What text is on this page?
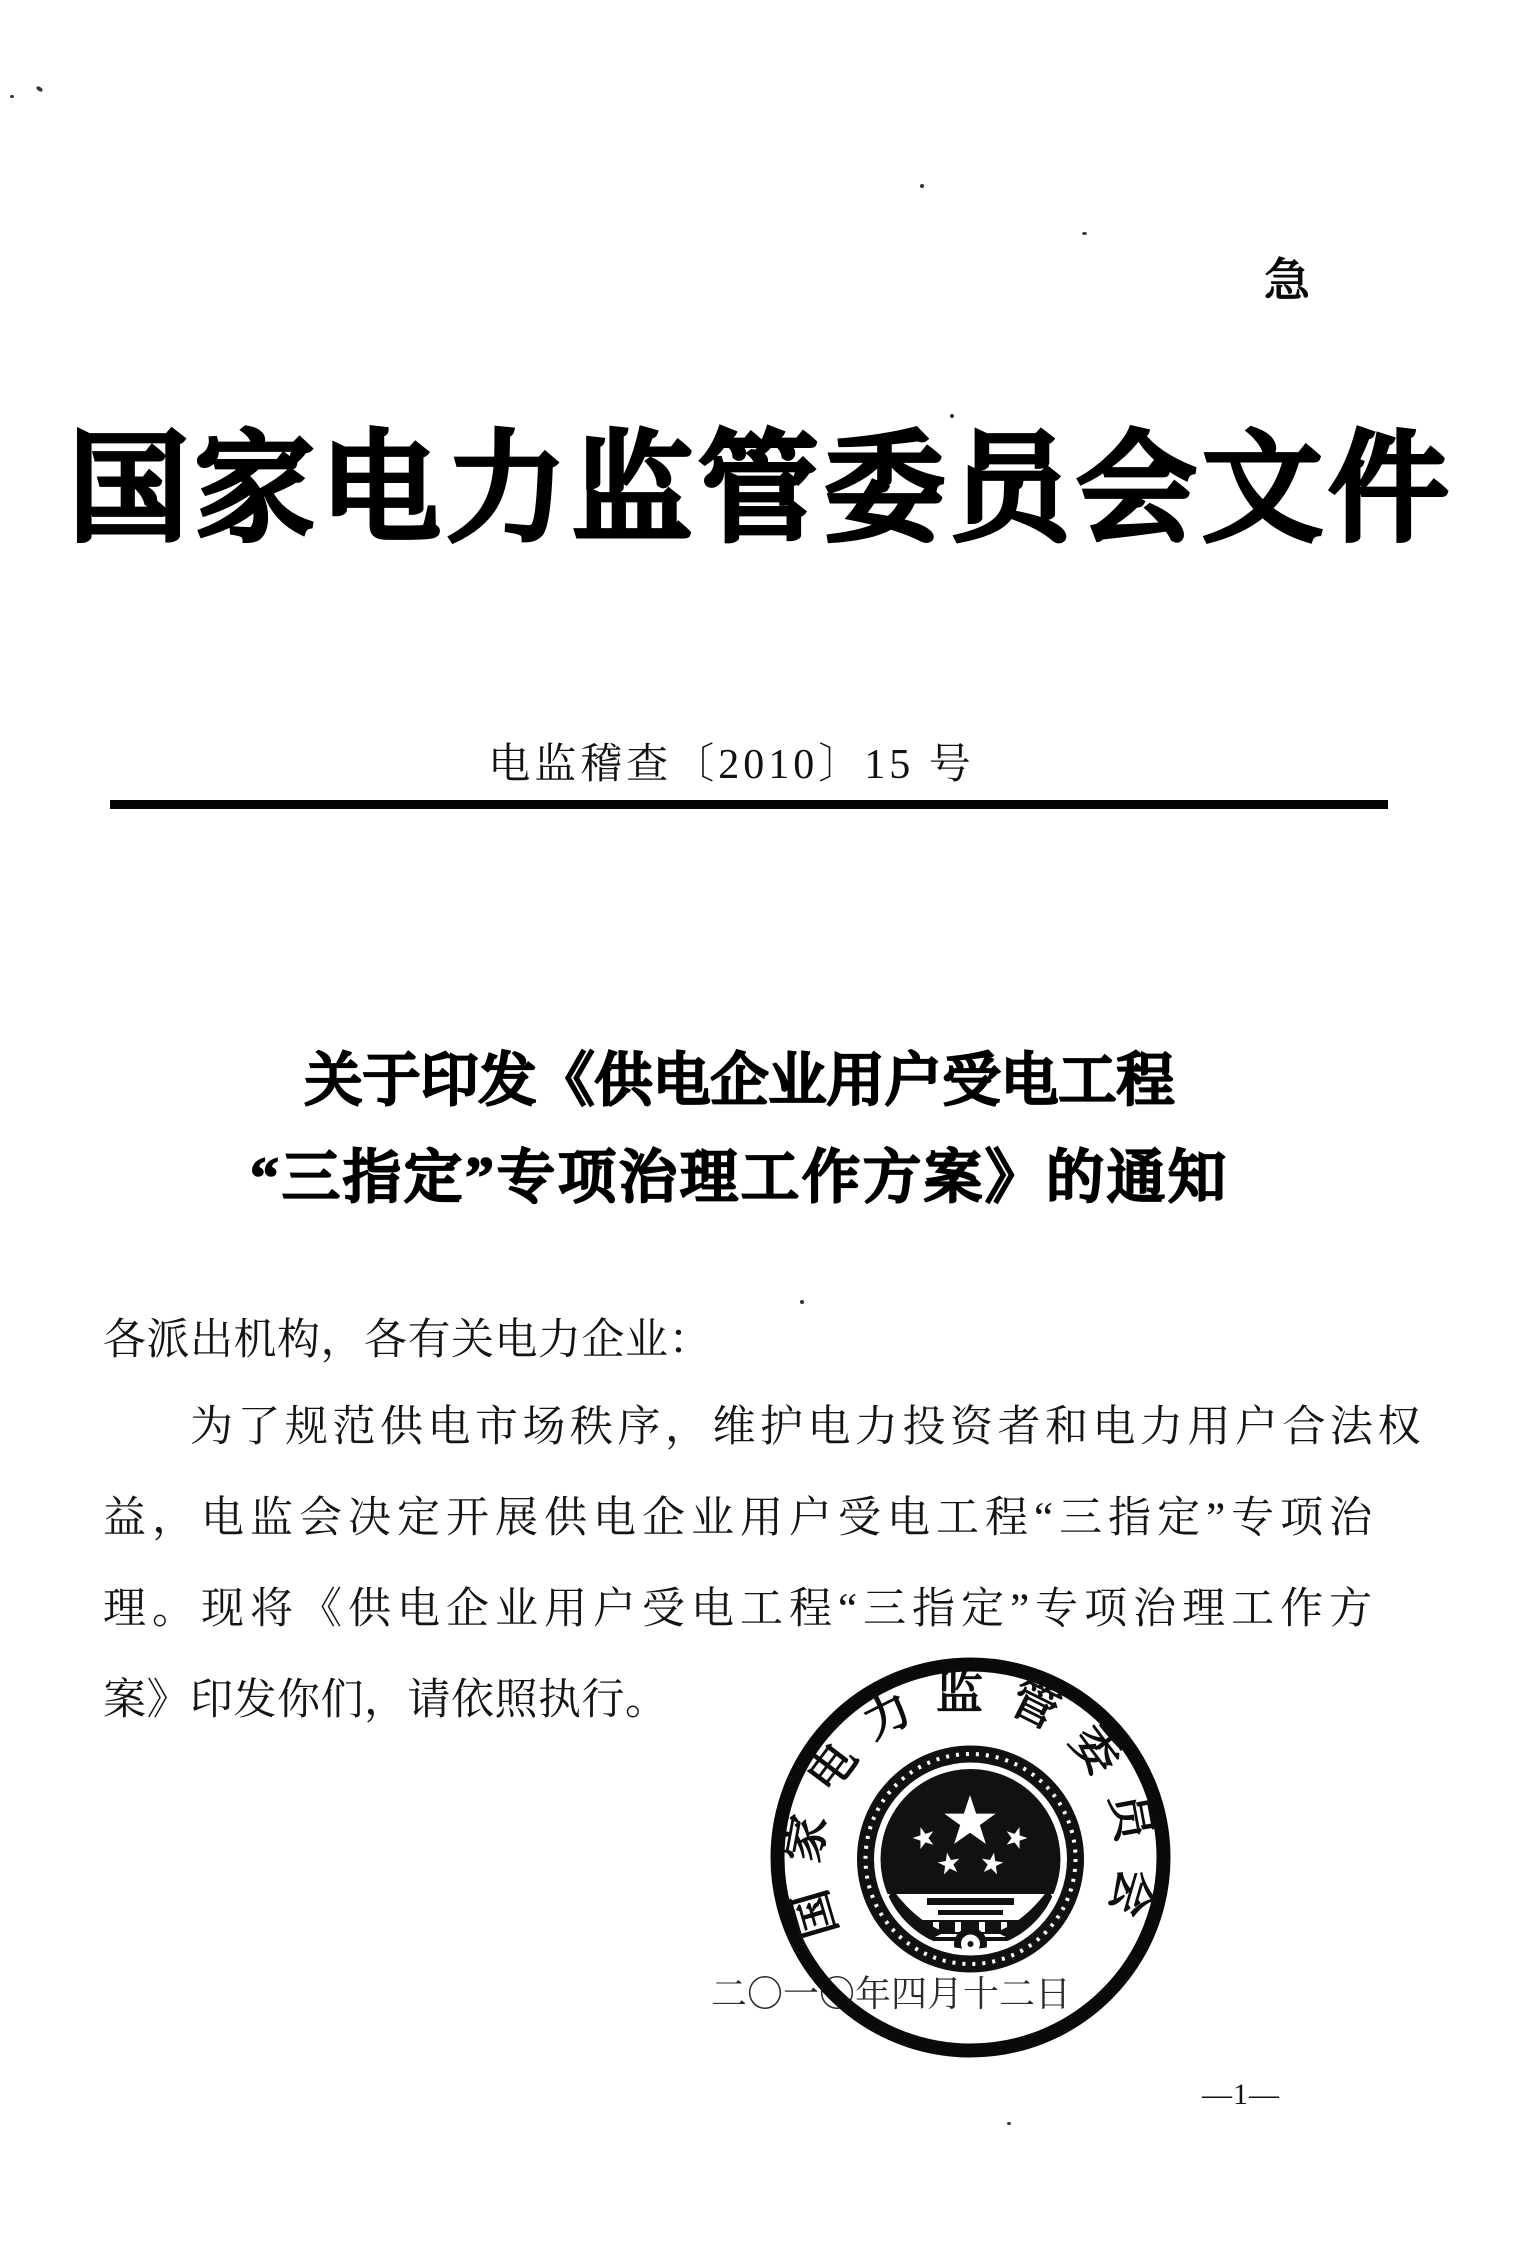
急
国家电力监管委员会文件
电监稽查〔2010〕15 号
关于印发《供电企业用户受电工程
“三指定”专项治理工作方案》的通知
各派出机构，各有关电力企业：
为了规范供电市场秩序，维护电力投资者和电力用户合法权
益，电监会决定开展供电企业用户受电工程“三指定”专项治
理。现将《供电企业用户受电工程“三指定”专项治理工作方
案》印发你们，请依照执行。
二〇一〇年四月十二日
国家电力监管委员会
—1—
